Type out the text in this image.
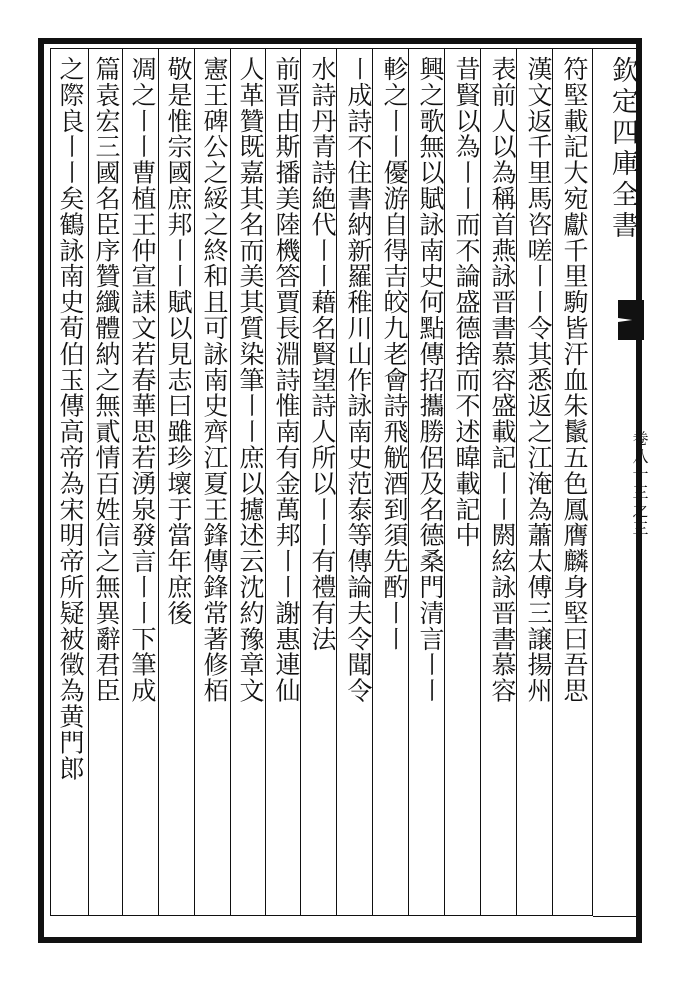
欽定四庫全書
卷八十三之三
符堅載記大宛獻千里駒皆汗血朱鬛五色鳳膺麟身堅曰吾思
漢文返千里馬咨嗟〡〡令其悉返之江淹為蕭太傅三譲揚州
表前人以為稱首燕詠晋書慕容盛載記〡〡閼絃詠晋書慕容
昔賢以為〡〡而不論盛德捨而不述暐載記中
興之歌無以賦詠南史何點傳招攜勝侶及名德桑門清言〡〡
軫之〡〡優游自得吉皎九老會詩飛觥酒到須先酌〡〡
〡成詩不住書納新羅稚川山作詠南史范泰等傳論夫令聞令
水詩丹青詩絶代〡〡藉名賢望詩人所以〡〡有禮有法
前晋由斯播美陸機答賈長淵詩惟南有金萬邦〡〡謝惠連仙
人革贊既嘉其名而美其質染筆〡〡庶以攄述云沈約豫章文
憲王碑公之綏之終和且可詠南史齊江夏王鋒傳鋒常著修栢
敬是惟宗國庶邦〡〡賦以見志曰雖珍壞于當年庶後
凋之〡〡曹植王仲宣誄文若春華思若湧泉發言〡〡下筆成
篇袁宏三國名臣序贊纖體納之無貳情百姓信之無異辭君臣
之際良〡〡矣鶴詠南史荀伯玉傳高帝為宋明帝所疑被徵為黄門郎
